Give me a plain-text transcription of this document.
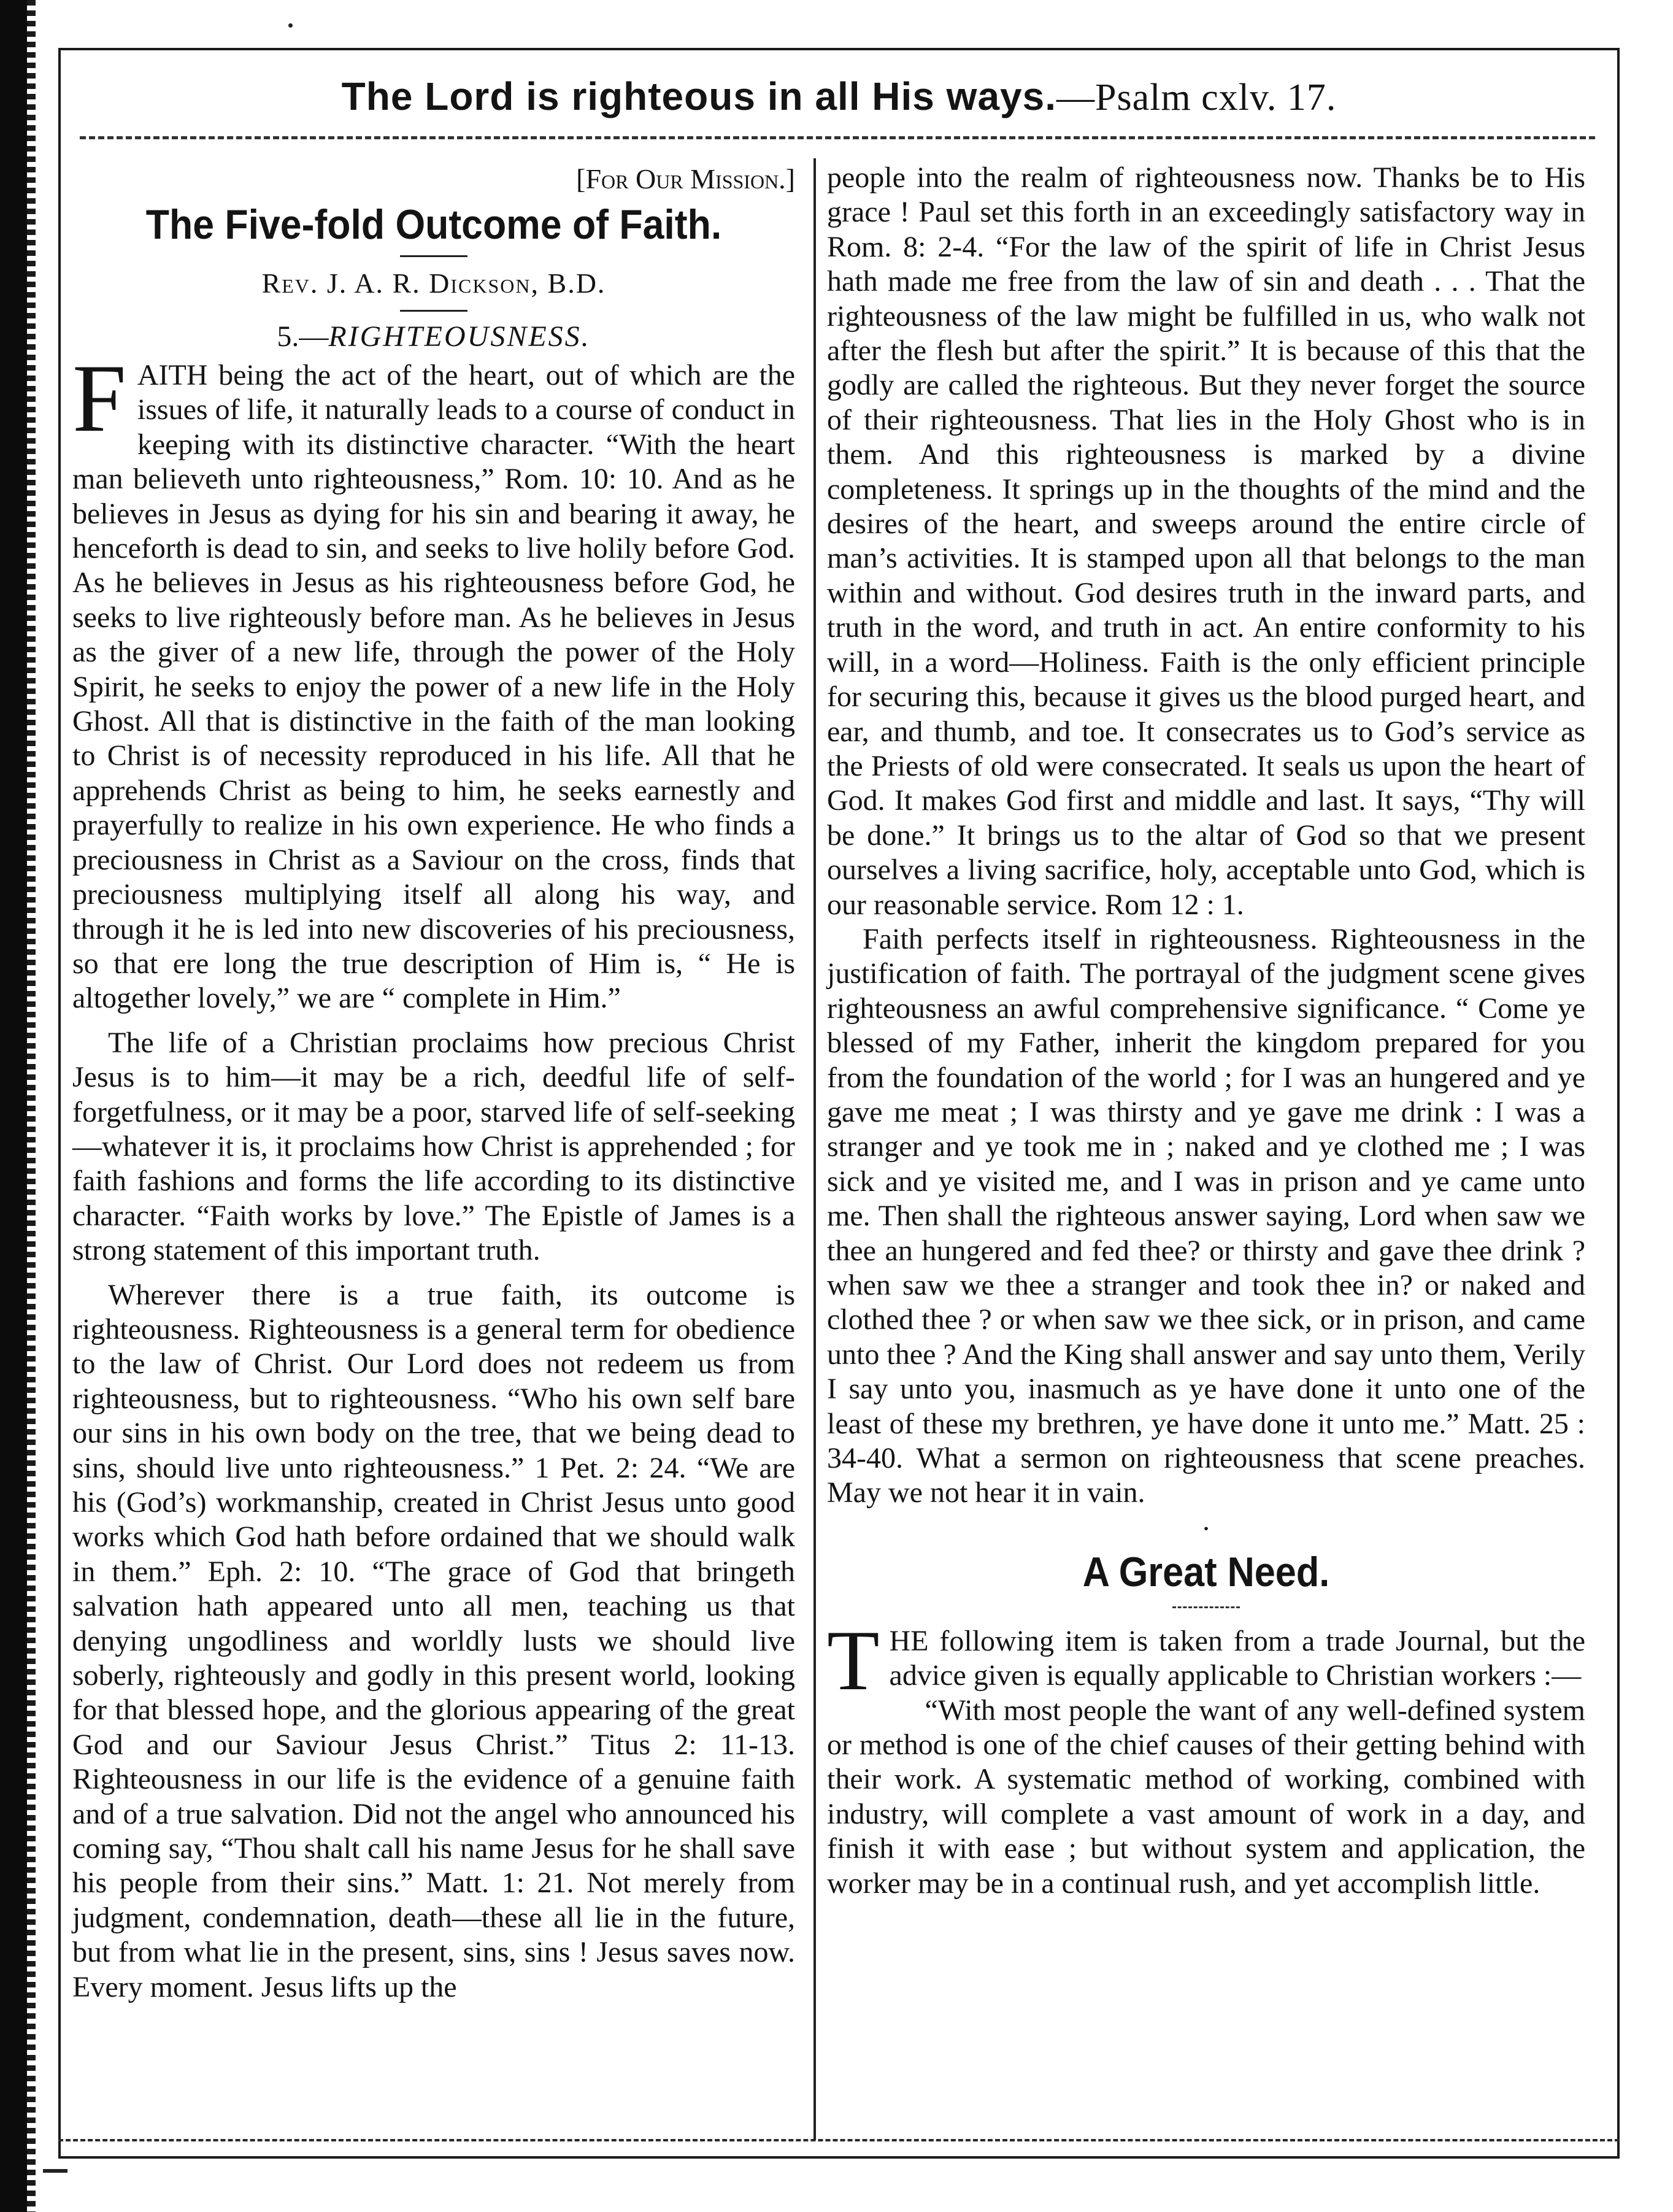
The Lord is righteous in all His ways.—Psalm cxlv. 17.

[For Our Mission.]

The Five-fold Outcome of Faith.

Rev. J. A. R. Dickson, B.D.

5.—RIGHTEOUSNESS.

FAITH being the act of the heart, out of which are the issues of life, it naturally leads to a course of conduct in keeping with its distinctive character. “With the heart man believeth unto righteousness,” Rom. 10: 10. And as he believes in Jesus as dying for his sin and bearing it away, he henceforth is dead to sin, and seeks to live holily before God. As he believes in Jesus as his righteousness before God, he seeks to live righteously before man. As he believes in Jesus as the giver of a new life, through the power of the Holy Spirit, he seeks to enjoy the power of a new life in the Holy Ghost. All that is distinctive in the faith of the man looking to Christ is of necessity reproduced in his life. All that he apprehends Christ as being to him, he seeks earnestly and prayerfully to realize in his own experience. He who finds a preciousness in Christ as a Saviour on the cross, finds that preciousness multiplying itself all along his way, and through it he is led into new discoveries of his preciousness, so that ere long the true description of Him is, “ He is altogether lovely,” we are “ complete in Him.”

The life of a Christian proclaims how precious Christ Jesus is to him—it may be a rich, deedful life of self-forgetfulness, or it may be a poor, starved life of self-seeking—whatever it is, it proclaims how Christ is apprehended ; for faith fashions and forms the life according to its distinctive character. “Faith works by love.” The Epistle of James is a strong statement of this important truth.

Wherever there is a true faith, its outcome is righteousness. Righteousness is a general term for obedience to the law of Christ. Our Lord does not redeem us from righteousness, but to righteousness. “Who his own self bare our sins in his own body on the tree, that we being dead to sins, should live unto righteousness.” 1 Pet. 2: 24. “We are his (God’s) workmanship, created in Christ Jesus unto good works which God hath before ordained that we should walk in them.” Eph. 2: 10. “The grace of God that bringeth salvation hath appeared unto all men, teaching us that denying ungodliness and worldly lusts we should live soberly, righteously and godly in this present world, looking for that blessed hope, and the glorious appearing of the great God and our Saviour Jesus Christ.” Titus 2: 11-13. Righteousness in our life is the evidence of a genuine faith and of a true salvation. Did not the angel who announced his coming say, “Thou shalt call his name Jesus for he shall save his people from their sins.” Matt. 1: 21. Not merely from judgment, condemnation, death—these all lie in the future, but from what lie in the present, sins, sins ! Jesus saves now. Every moment. Jesus lifts up the

people into the realm of righteousness now. Thanks be to His grace ! Paul set this forth in an exceedingly satisfactory way in Rom. 8: 2-4. “For the law of the spirit of life in Christ Jesus hath made me free from the law of sin and death . . . That the righteousness of the law might be fulfilled in us, who walk not after the flesh but after the spirit.” It is because of this that the godly are called the righteous. But they never forget the source of their righteousness. That lies in the Holy Ghost who is in them. And this righteousness is marked by a divine completeness. It springs up in the thoughts of the mind and the desires of the heart, and sweeps around the entire circle of man’s activities. It is stamped upon all that belongs to the man within and without. God desires truth in the inward parts, and truth in the word, and truth in act. An entire conformity to his will, in a word—Holiness. Faith is the only efficient principle for securing this, because it gives us the blood purged heart, and ear, and thumb, and toe. It consecrates us to God’s service as the Priests of old were consecrated. It seals us upon the heart of God. It makes God first and middle and last. It says, “Thy will be done.” It brings us to the altar of God so that we present ourselves a living sacrifice, holy, acceptable unto God, which is our reasonable service. Rom 12 : 1.

Faith perfects itself in righteousness. Righteousness in the justification of faith. The portrayal of the judgment scene gives righteousness an awful comprehensive significance. “ Come ye blessed of my Father, inherit the kingdom prepared for you from the foundation of the world ; for I was an hungered and ye gave me meat ; I was thirsty and ye gave me drink : I was a stranger and ye took me in ; naked and ye clothed me ; I was sick and ye visited me, and I was in prison and ye came unto me. Then shall the righteous answer saying, Lord when saw we thee an hungered and fed thee? or thirsty and gave thee drink ? when saw we thee a stranger and took thee in? or naked and clothed thee ? or when saw we thee sick, or in prison, and came unto thee ? And the King shall answer and say unto them, Verily I say unto you, inasmuch as ye have done it unto one of the least of these my brethren, ye have done it unto me.” Matt. 25 : 34-40. What a sermon on righteousness that scene preaches. May we not hear it in vain.

·

A Great Need.

THE following item is taken from a trade Journal, but the advice given is equally applicable to Christian workers :—

“With most people the want of any well-defined system or method is one of the chief causes of their getting behind with their work. A systematic method of working, combined with industry, will complete a vast amount of work in a day, and finish it with ease ; but without system and application, the worker may be in a continual rush, and yet accomplish little.
